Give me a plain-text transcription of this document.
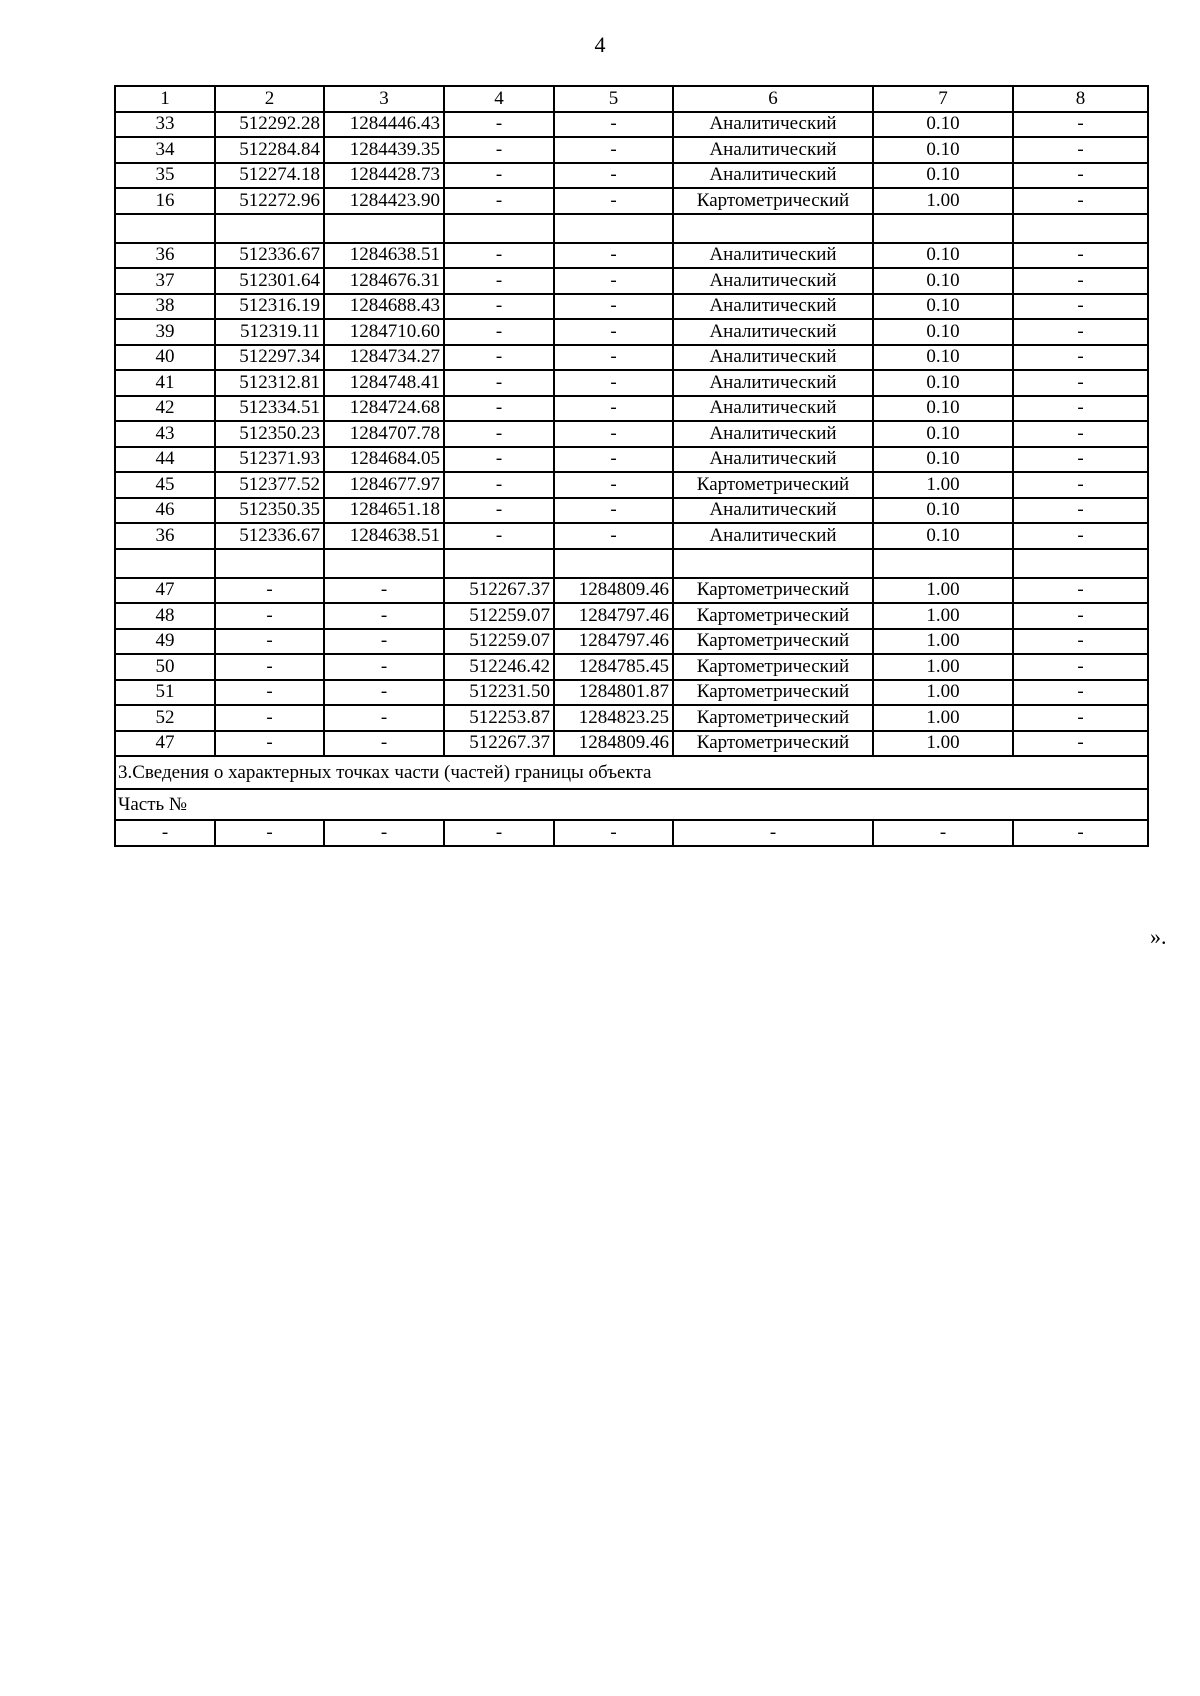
4
1	2	3	4	5	6	7	8
33	512292.28	1284446.43	-	-	Аналитический	0.10	-
34	512284.84	1284439.35	-	-	Аналитический	0.10	-
35	512274.18	1284428.73	-	-	Аналитический	0.10	-
16	512272.96	1284423.90	-	-	Картометрический	1.00	-

36	512336.67	1284638.51	-	-	Аналитический	0.10	-
37	512301.64	1284676.31	-	-	Аналитический	0.10	-
38	512316.19	1284688.43	-	-	Аналитический	0.10	-
39	512319.11	1284710.60	-	-	Аналитический	0.10	-
40	512297.34	1284734.27	-	-	Аналитический	0.10	-
41	512312.81	1284748.41	-	-	Аналитический	0.10	-
42	512334.51	1284724.68	-	-	Аналитический	0.10	-
43	512350.23	1284707.78	-	-	Аналитический	0.10	-
44	512371.93	1284684.05	-	-	Аналитический	0.10	-
45	512377.52	1284677.97	-	-	Картометрический	1.00	-
46	512350.35	1284651.18	-	-	Аналитический	0.10	-
36	512336.67	1284638.51	-	-	Аналитический	0.10	-

47	-	-	512267.37	1284809.46	Картометрический	1.00	-
48	-	-	512259.07	1284797.46	Картометрический	1.00	-
49	-	-	512259.07	1284797.46	Картометрический	1.00	-
50	-	-	512246.42	1284785.45	Картометрический	1.00	-
51	-	-	512231.50	1284801.87	Картометрический	1.00	-
52	-	-	512253.87	1284823.25	Картометрический	1.00	-
47	-	-	512267.37	1284809.46	Картометрический	1.00	-
3.Сведения о характерных точках части (частей) границы объекта							
Часть №							
-	-	-	-	-	-	-	-
».
